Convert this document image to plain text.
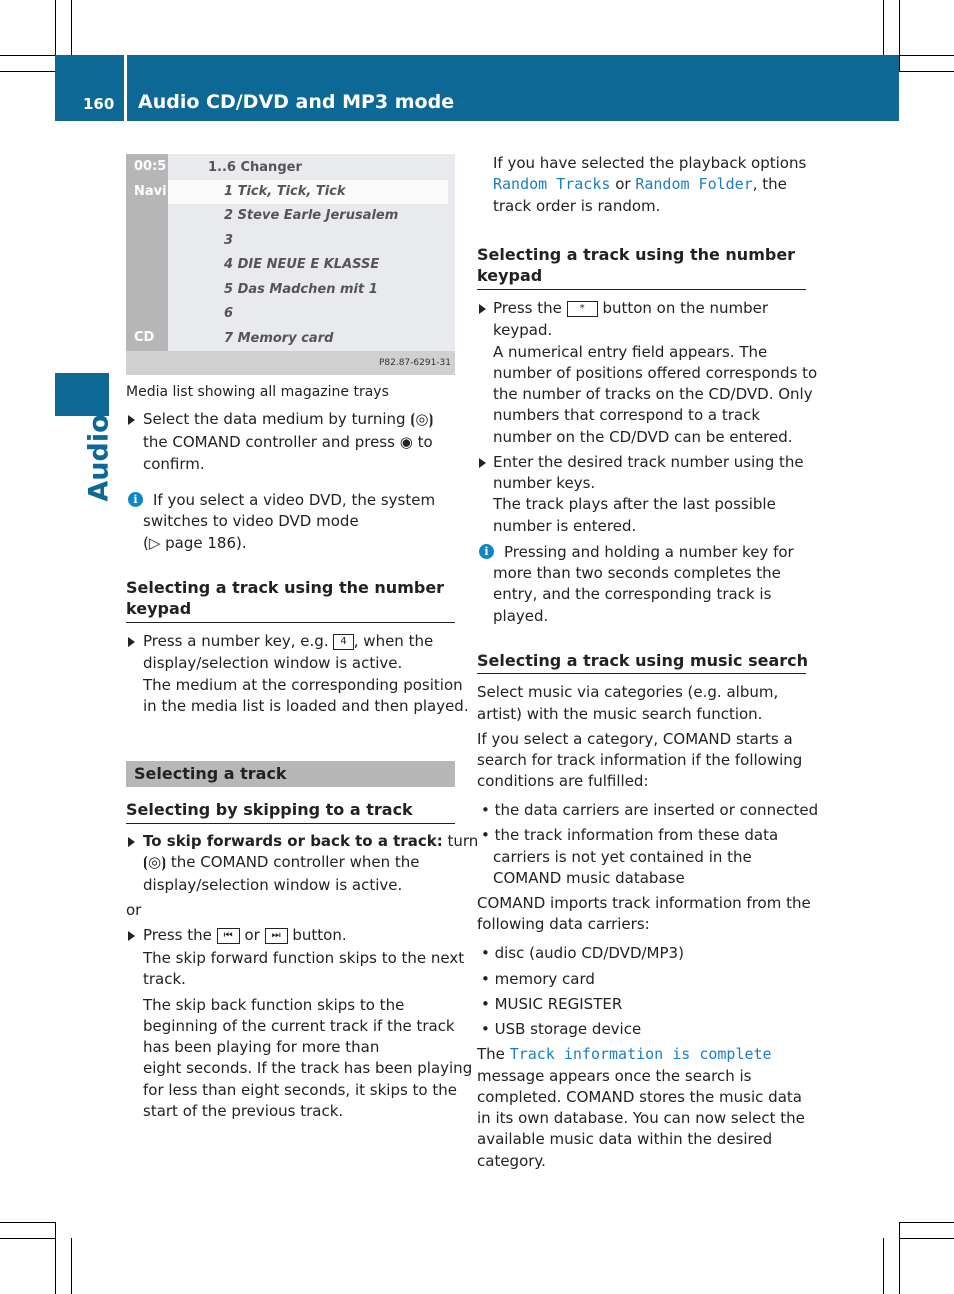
160 Audio CD/DVD and MP3 mode
Audio
00:5
Navi
1..6 Changer
1 Tick, Tick, Tick
2 Steve Earle Jerusalem
3
4 DIE NEUE E KLASSE
5 Das Madchen mit 1
6
7 Memory card
CD
P82.87-6291-31
Media list showing all magazine trays
Select the data medium by turning ⦗◎⦘
the COMAND controller and press ◉ to
confirm.
i	If you select a video DVD, the system
switches to video DVD mode
(▷ page 186).
Selecting a track using the number
keypad
Press a number key, e.g. 4 , when the
display/selection window is active.
The medium at the corresponding position
in the media list is loaded and then played.
Selecting a track
Selecting by skipping to a track
To skip forwards or back to a track: turn
⦗◎⦘ the COMAND controller when the
display/selection window is active.
or
Press the ⏮ or ⏭ button.
The skip forward function skips to the next
track.
The skip back function skips to the
beginning of the current track if the track
has been playing for more than
eight seconds. If the track has been playing
for less than eight seconds, it skips to the
start of the previous track.
If you have selected the playback options
Random Tracks or Random Folder, the
track order is random.
Selecting a track using the number
keypad
Press the * button on the number
keypad.
A numerical entry field appears. The
number of positions offered corresponds to
the number of tracks on the CD/DVD. Only
numbers that correspond to a track
number on the CD/DVD can be entered.
Enter the desired track number using the
number keys.
The track plays after the last possible
number is entered.
i	Pressing and holding a number key for
more than two seconds completes the
entry, and the corresponding track is
played.
Selecting a track using music search
Select music via categories (e.g. album,
artist) with the music search function.
If you select a category, COMAND starts a
search for track information if the following
conditions are fulfilled:
• the data carriers are inserted or connected
• the track information from these data
carriers is not yet contained in the
COMAND music database
COMAND imports track information from the
following data carriers:
• disc (audio CD/DVD/MP3)
• memory card
• MUSIC REGISTER
• USB storage device
The Track information is complete
message appears once the search is
completed. COMAND stores the music data
in its own database. You can now select the
available music data within the desired
category.
